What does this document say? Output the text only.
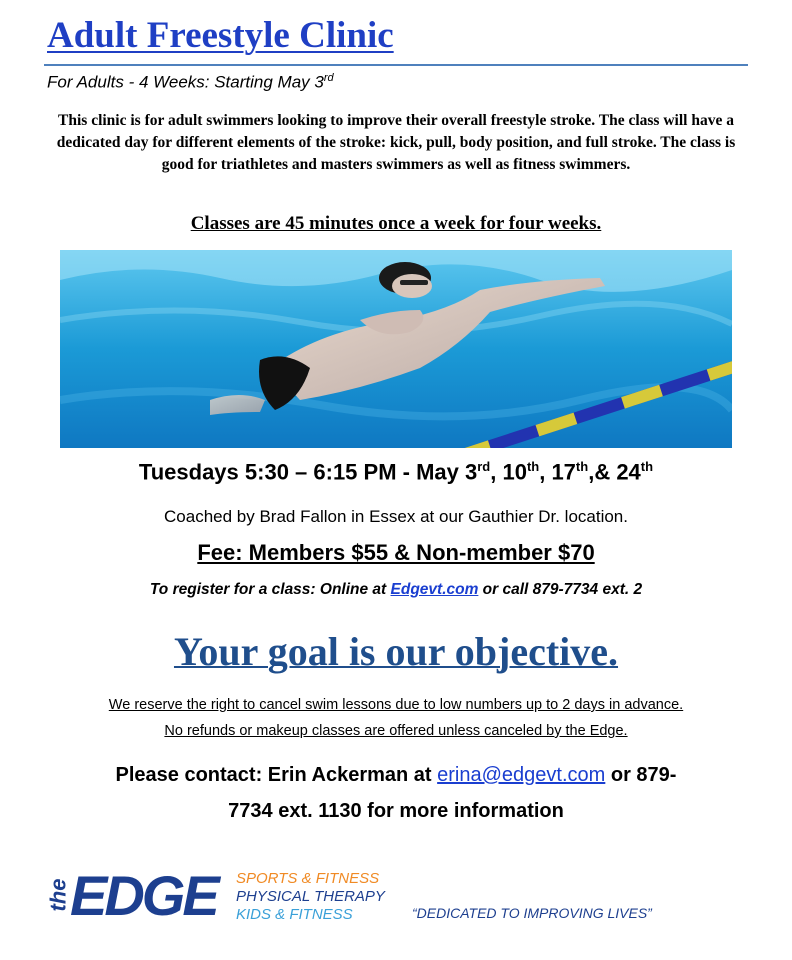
Adult Freestyle Clinic
For Adults - 4 Weeks: Starting May 3rd

This clinic is for adult swimmers looking to improve their overall freestyle stroke. The class will have a dedicated day for different elements of the stroke: kick, pull, body position, and full stroke. The class is good for triathletes and masters swimmers as well as fitness swimmers.

Classes are 45 minutes once a week for four weeks.
Tuesdays 5:30 – 6:15 PM - May 3rd, 10th, 17th,& 24th
Coached by Brad Fallon in Essex at our Gauthier Dr. location.
Fee: Members $55 & Non-member $70
To register for a class: Online at Edgevt.com or call 879-7734 ext. 2
Your goal is our objective.
We reserve the right to cancel swim lessons due to low numbers up to 2 days in advance.
No refunds or makeup classes are offered unless canceled by the Edge.
Please contact: Erin Ackerman at erina@edgevt.com or 879-
7734 ext. 1130 for more information
the EDGE SPORTS & FITNESS
PHYSICAL THERAPY
KIDS & FITNESS	“DEDICATED TO IMPROVING LIVES”
